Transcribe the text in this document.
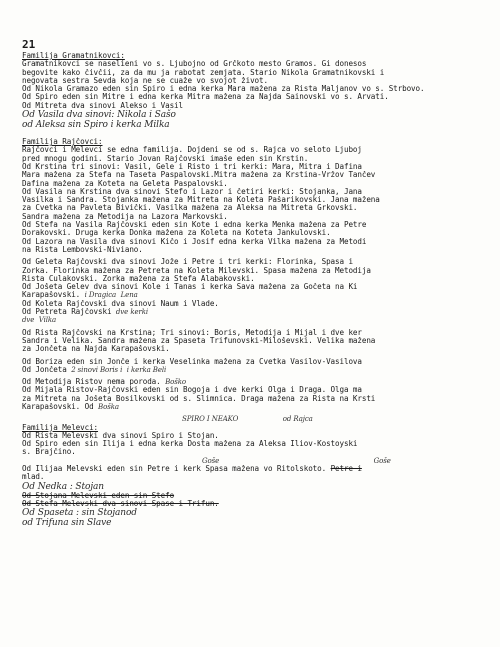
21
Familija Gramatnikovci:
Gramatnikovci se naselieni vo s. Ljubojno od Grčkoto mesto Gramos. Gi donesos
begovite kako čivčii, za da mu ja rabotat zemjata. Stario Nikola Gramatnikovski i
negovata sestra Sevda koja ne se cuaže vo svojot život.
Od Nikola Gramazo eden sin Spiro i edna kerka Mara mažena za Rista Maljanov vo s. Štrbovo.
Od Spiro eden sin Mitre i edna kerka Mitra mažena za Najda Šainovski vo s. Arvati.
Od Mitreta dva sinovi Alekso i Vasil
Od Vasila dva sinovi: Nikola i Sašo
od Aleksa sin Spiro i kerka Milka
Familija Rajčovci:
Rajčovci i Melevci se edna familija. Dojdeni se od s. Rajca vo seloto Ljuboj
pred mnogu godini. Stario Jovan Rajčovski imaše eden sin Krstin.
Od Krstina tri sinovi: Vasil, Gele i Risto i tri kerki: Mara, Mitra i Dafina
Mara mažena za Stefa na Taseta Paspalovski.Mitra mažena za Krstina-Vržov Tančev
Dafina mažena za Koteta na Geleta Paspalovski.
Od Vasila na Krstina dva sinovi Stefo i Lazor i četiri kerki: Stojanka, Jana
Vasilka i Sandra. Stojanka mažena za Mitreta na Koleta Pašarikovski. Jana mažena
za Cvetka na Pavleta Bivički. Vasilka mažena za Aleksa na Mitreta Grkovski.
Sandra mažena za Metodija na Lazora Markovski.
Od Stefa na Vasila Rajčovski eden sin Kote i edna kerka Menka mažena za Petre
Dorakovski. Druga kerka Donka mažena za Koleta na Koteta Jankulovski.
Od Lazora na Vasila dva sinovi Kičo i Josif edna kerka Vilka mažena za Metodi
na Rista Lembovski-Niviano.
Od Geleta Rajčovski dva sinovi Jože i Petre i tri kerki: Florinka, Spasa i
Zorka. Florinka mažena za Petreta na Koleta Milevski. Spasa mažena za Metodija
Rista Culakovski. Zorka mažena za Stefa Alabakovski.
Od Jošeta Gelev dva sinovi Kole i Tanas i kerka Sava mažena za Gočeta na Ki
Karapašovski. i Dragica Lena
Od Koleta Rajčovski dva sinovi Naum i Vlade.
Od Petreta Rajčovski dve kerki
dve Vilka
Od Rista Rajčovski na Krstina; Tri sinovi: Boris, Metodija i Mijal i dve ker
Sandra i Velika. Sandra mažena za Spaseta Trifunovski-Miloševski. Velika mažena
za Jončeta na Najda Karapašovski.
Od Boriza eden sin Jonče i kerka Veselinka mažena za Cvetka Vasilov-Vasilova
Od Jončeta 2 sinovi Boris i i kerka Beli
Od Metodija Ristov nema poroda. Boško
Od Mijala Ristov-Rajčovski eden sin Bogoja i dve kerki Olga i Draga. Olga ma
za Mitreta na Jošeta Bosilkovski od s. Slimnica. Draga mažena za Rista na Krsti
Karapašovski. Od Boška
SPIRO I NEAKO	od Rajca
Familija Melevci:
Od Rista Melevski dva sinovi Spiro i Stojan.
Od Spiro eden sin Ilija i edna kerka Dosta mažena za Aleksa Iliov-Kostoyski
s. Brajčino.
Goše	Goše
Od Ilijaa Melevski eden sin Petre i kerk Spasa mažena vo Ritolskoto. Petre i
mlad.
Od Nedka : Stojan
Od Stojana Melevski eden sin Stefo
Od Stefa Melevski dva sinovi Spase i Trifun.
Od Spaseta : sin Stojanod
od Trifuna sin Slave
